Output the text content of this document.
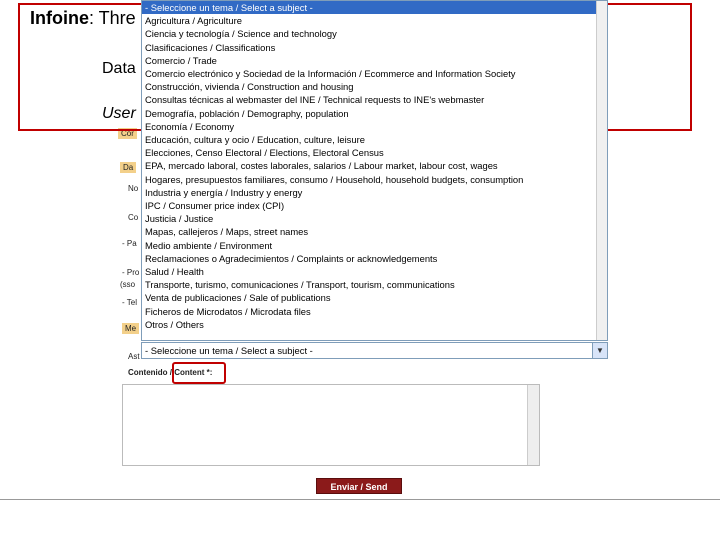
Infoine: Thre
Data
User
Cor
Da
No
Co
- Pa
- Pro
(sso
- Tel
Me
Ast
Contenido / Content *:
Enviar / Send
- Seleccione un tema / Select a subject -
Agricultura / Agriculture
Ciencia y tecnología / Science and technology
Clasificaciones / Classifications
Comercio / Trade
Comercio electrónico y Sociedad de la Información / Ecommerce and Information Society
Construcción, vivienda / Construction and housing
Consultas técnicas al webmaster del INE / Technical requests to INE's webmaster
Demografía, población / Demography, population
Economía / Economy
Educación, cultura y ocio / Education, culture, leisure
Elecciones, Censo Electoral / Elections, Electoral Census
EPA, mercado laboral, costes laborales, salarios / Labour market, labour cost, wages
Hogares, presupuestos familiares, consumo / Household, household budgets, consumption
Industria y energía / Industry y energy
IPC / Consumer price index (CPI)
Justicia / Justice
Mapas, callejeros / Maps, street names
Medio ambiente / Environment
Reclamaciones o Agradecimientos / Complaints or acknowledgements
Salud / Health
Transporte, turismo, comunicaciones / Transport, tourism, communications
Venta de publicaciones / Sale of publications
Ficheros de Microdatos / Microdata files
Otros / Others
- Seleccione un tema / Select a subject -	▼
